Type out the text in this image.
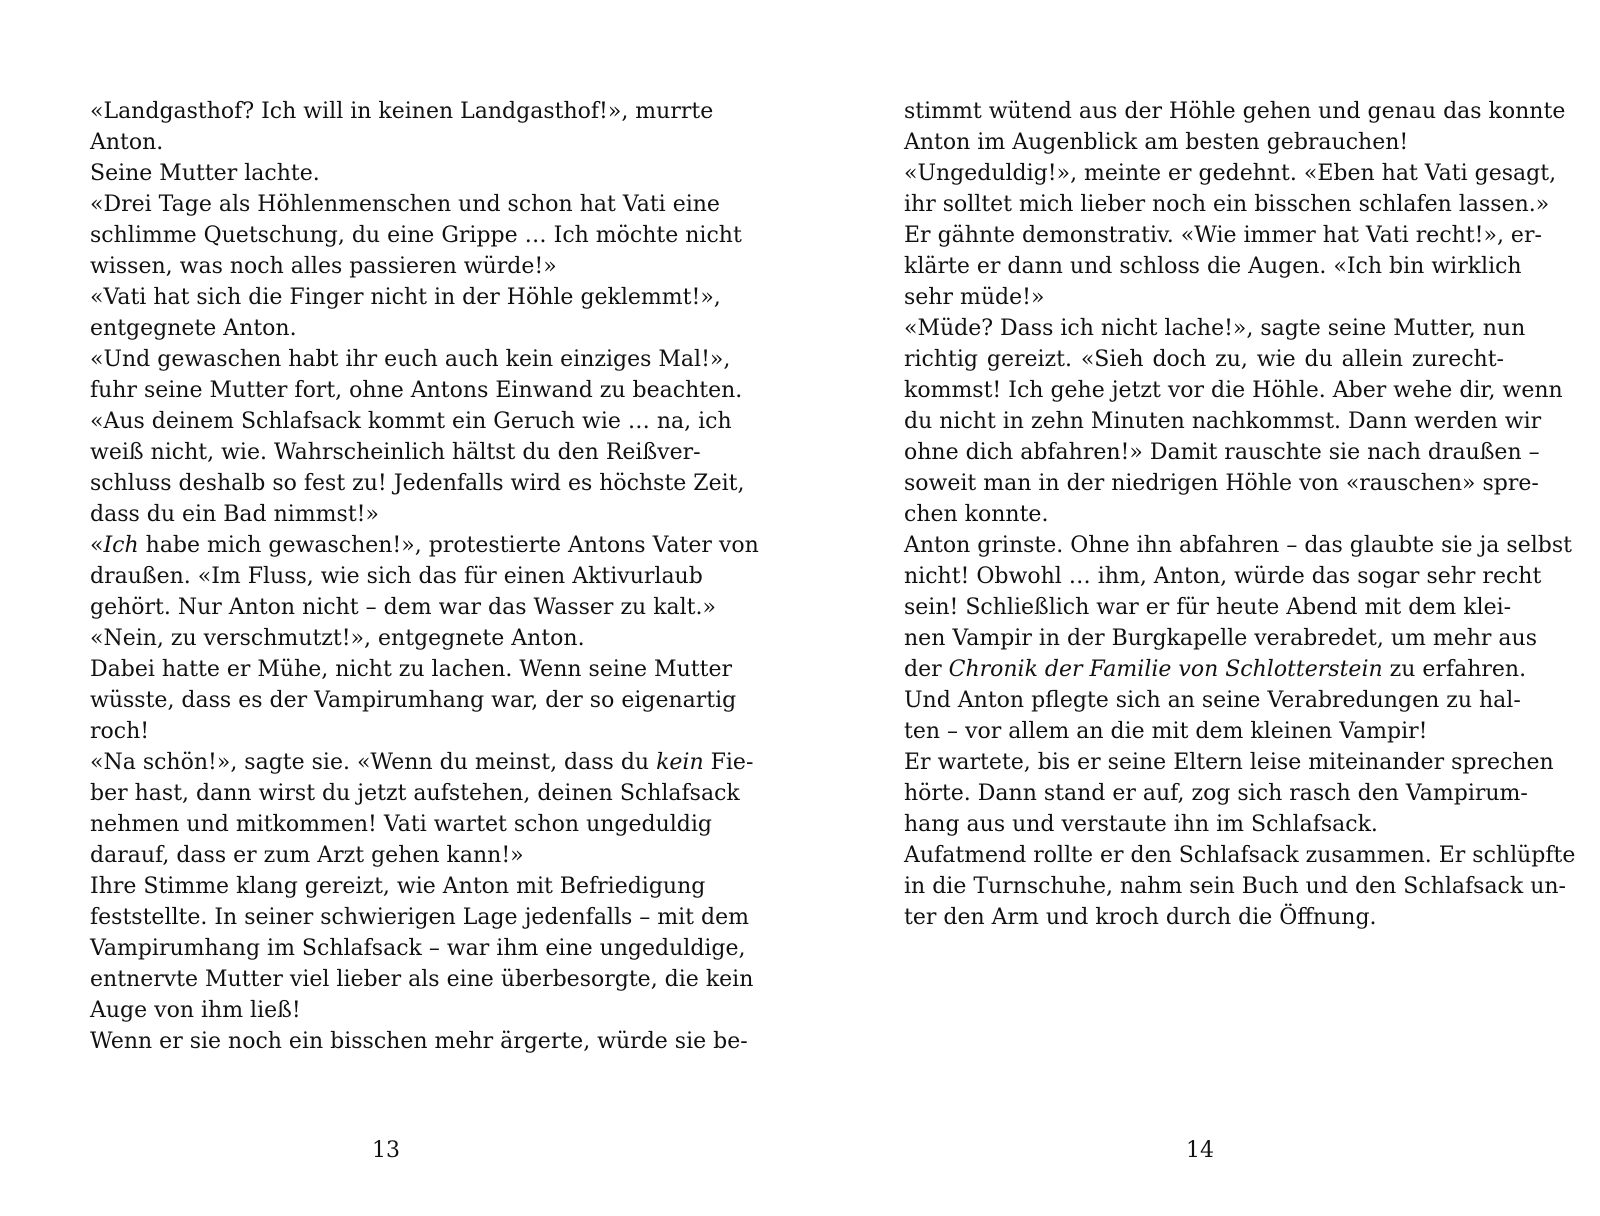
«Landgasthof? Ich will in keinen Landgasthof!», murrte
Anton.
Seine Mutter lachte.
«Drei Tage als Höhlenmenschen und schon hat Vati eine
schlimme Quetschung, du eine Grippe … Ich möchte nicht
wissen, was noch alles passieren würde!»
«Vati hat sich die Finger nicht in der Höhle geklemmt!»,
entgegnete Anton.
«Und gewaschen habt ihr euch auch kein einziges Mal!»,
fuhr seine Mutter fort, ohne Antons Einwand zu beachten.
«Aus deinem Schlafsack kommt ein Geruch wie … na, ich
weiß nicht, wie. Wahrscheinlich hältst du den Reißver-
schluss deshalb so fest zu! Jedenfalls wird es höchste Zeit,
dass du ein Bad nimmst!»
«Ich habe mich gewaschen!», protestierte Antons Vater von
draußen. «Im Fluss, wie sich das für einen Aktivurlaub
gehört. Nur Anton nicht – dem war das Wasser zu kalt.»
«Nein, zu verschmutzt!», entgegnete Anton.
Dabei hatte er Mühe, nicht zu lachen. Wenn seine Mutter
wüsste, dass es der Vampirumhang war, der so eigenartig
roch!
«Na schön!», sagte sie. «Wenn du meinst, dass du kein Fie-
ber hast, dann wirst du jetzt aufstehen, deinen Schlafsack
nehmen und mitkommen! Vati wartet schon ungeduldig
darauf, dass er zum Arzt gehen kann!»
Ihre Stimme klang gereizt, wie Anton mit Befriedigung
feststellte. In seiner schwierigen Lage jedenfalls – mit dem
Vampirumhang im Schlafsack – war ihm eine ungeduldige,
entnervte Mutter viel lieber als eine überbesorgte, die kein
Auge von ihm ließ!
Wenn er sie noch ein bisschen mehr ärgerte, würde sie be-
stimmt wütend aus der Höhle gehen und genau das konnte
Anton im Augenblick am besten gebrauchen!
«Ungeduldig!», meinte er gedehnt. «Eben hat Vati gesagt,
ihr solltet mich lieber noch ein bisschen schlafen lassen.»
Er gähnte demonstrativ. «Wie immer hat Vati recht!», er-
klärte er dann und schloss die Augen. «Ich bin wirklich
sehr müde!»
«Müde? Dass ich nicht lache!», sagte seine Mutter, nun
richtig gereizt. «Sieh doch zu, wie du allein zurecht-
kommst! Ich gehe jetzt vor die Höhle. Aber wehe dir, wenn
du nicht in zehn Minuten nachkommst. Dann werden wir
ohne dich abfahren!» Damit rauschte sie nach draußen –
soweit man in der niedrigen Höhle von «rauschen» spre-
chen konnte.
Anton grinste. Ohne ihn abfahren – das glaubte sie ja selbst
nicht! Obwohl … ihm, Anton, würde das sogar sehr recht
sein! Schließlich war er für heute Abend mit dem klei-
nen Vampir in der Burgkapelle verabredet, um mehr aus
der Chronik der Familie von Schlotterstein zu erfahren.
Und Anton pflegte sich an seine Verabredungen zu hal-
ten – vor allem an die mit dem kleinen Vampir!
Er wartete, bis er seine Eltern leise miteinander sprechen
hörte. Dann stand er auf, zog sich rasch den Vampirum-
hang aus und verstaute ihn im Schlafsack.
Aufatmend rollte er den Schlafsack zusammen. Er schlüpfte
in die Turnschuhe, nahm sein Buch und den Schlafsack un-
ter den Arm und kroch durch die Öffnung.
13	14
